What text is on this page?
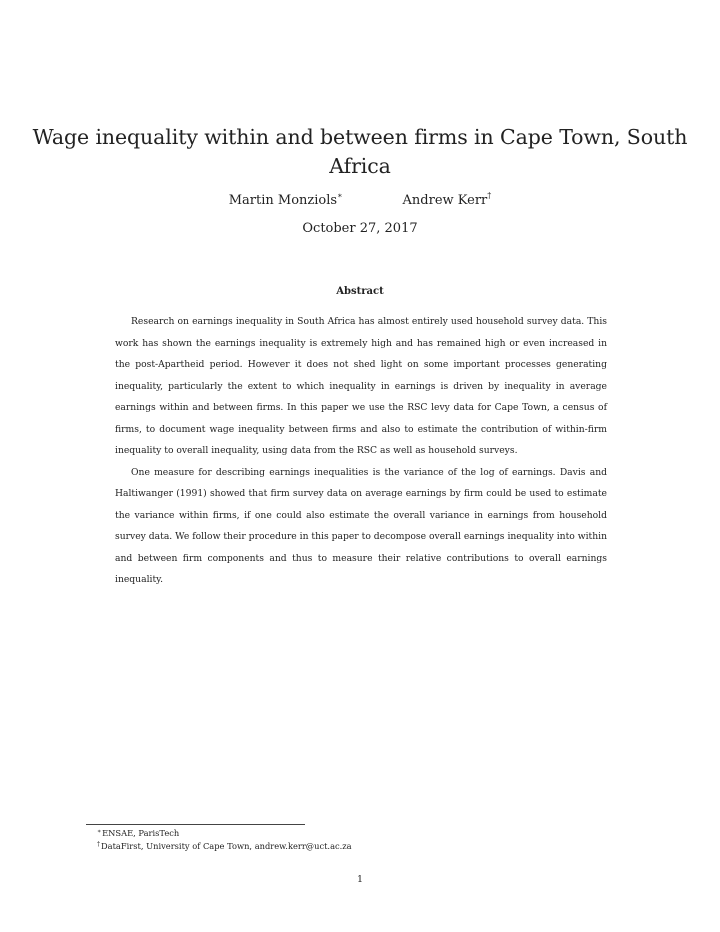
Wage inequality within and between firms in Cape Town, South
Africa
Martin Monziols∗	Andrew Kerr†
October 27, 2017
Abstract

Research on earnings inequality in South Africa has almost entirely used household survey data. This work has shown the earnings inequality is extremely high and has remained high or even increased in the post-Apartheid period. However it does not shed light on some important processes generating inequality, particularly the extent to which inequality in earnings is driven by inequality in average earnings within and between firms. In this paper we use the RSC levy data for Cape Town, a census of firms, to document wage inequality between firms and also to estimate the contribution of within-firm inequality to overall inequality, using data from the RSC as well as household surveys.

One measure for describing earnings inequalities is the variance of the log of earnings. Davis and Haltiwanger (1991) showed that firm survey data on average earnings by firm could be used to estimate the variance within firms, if one could also estimate the overall variance in earnings from household survey data. We follow their procedure in this paper to decompose overall earnings inequality into within and between firm components and thus to measure their relative contributions to overall earnings inequality.

∗ENSAE, ParisTech
†DataFirst, University of Cape Town, andrew.kerr@uct.ac.za
1
